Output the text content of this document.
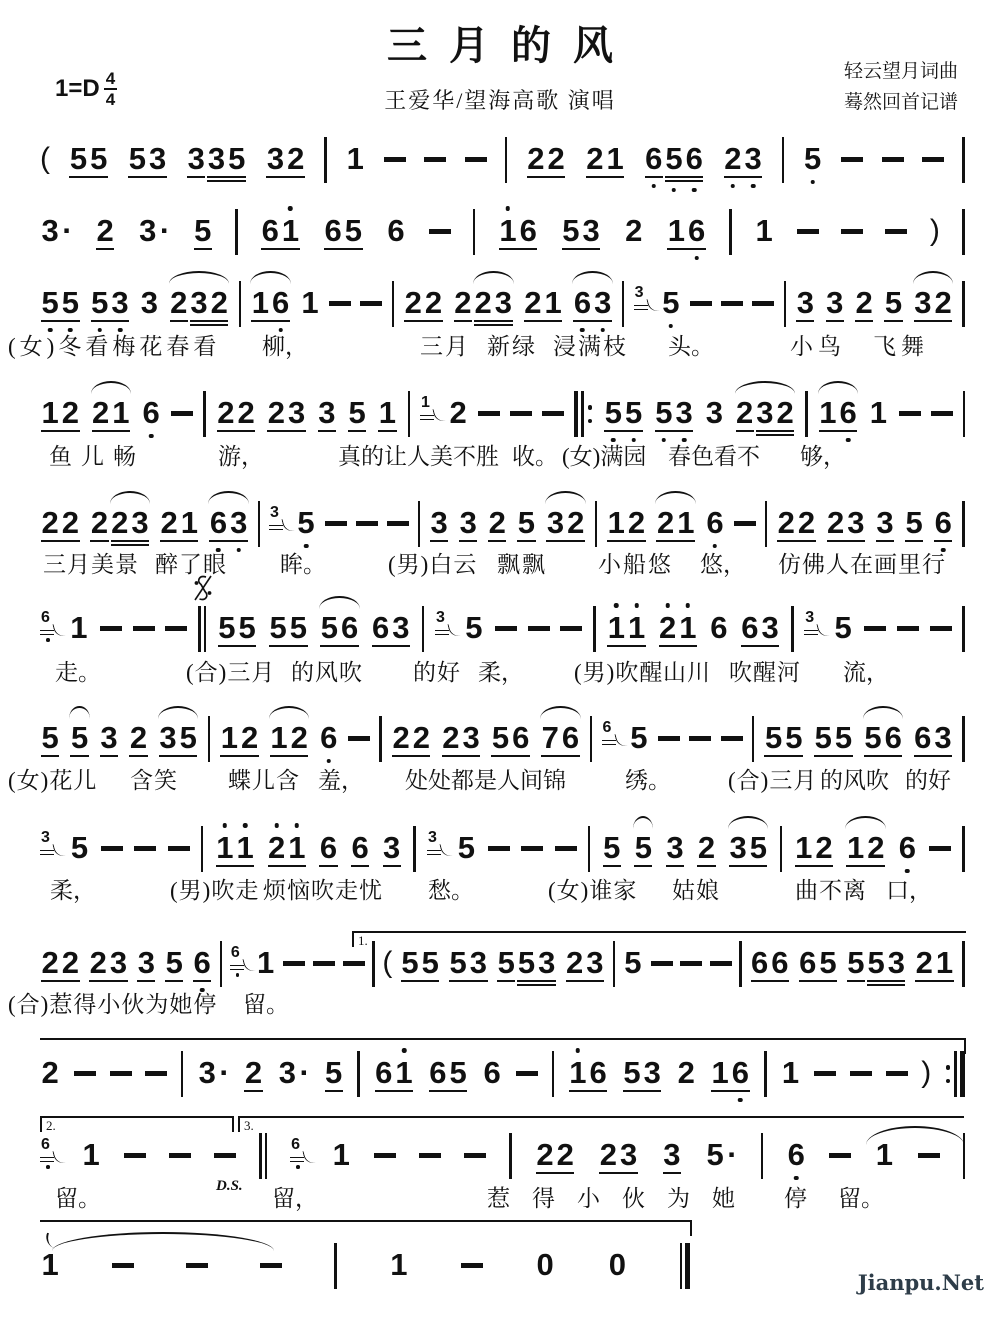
三月的风
$1=D \frac{4}{4}$	王爱华/望海高歌 演唱
轻云望月词曲
蓦然回首记谱
( 5 5 5 3 3 3 5 3 2 1	2 2 2 1 6 5 6 2 3 5
3 · 2 3 · 5 6 1 6 5 6	1 6 5 3 2 1 6 1	)
5 5 5 3 3 2 3 2 1 6 1	2 2 2 2 3 2 1 6 3 3 5	3 3 2 5 3 2
1 2 2 1 6 2 2 2 3 3 5 1 1 2	5 5 5 3 3 2 3 2 1 6 1
2 2 2 2 3 2 1 6 3 3 5	3 3 2 5 3 2 1 2 2 1 6 2 2 2 3 3 5 6
6 1	5 5 5 5 5 6 6 3 3 5	1 1 2 1 6 6 3 3 5
5 5 3 2 3 5 1 2 1 2 6 2 2 2 3 5 6 7 6 6 5	5 5 5 5 5 6 6 3
3 5	1 1 2 1 6 6 3 3 5	5 5 3 2 3 5 1 2 1 2 6
2 2 2 3 3 5 6 6 1	( 5 5 5 3 5 5 3 2 3 5	6 6 6 5 5 5 3 2 1
2	3 · 2 3 · 5 6 1 6 5 6 1 6 5 3 2 1 6 1	)
6 1	6 1	2 2 2 3 3 5 · 6 1
1	1	0 0
(女)冬看梅花春看 柳，	三月 新绿 浸满枝 头。	小鸟 飞舞
鱼儿畅	游，	真的让人美不胜 收。 (女)满园 春色看不 够，
三月美景 醉了眼 眸。	(男)白云 飘飘 小船悠 悠， 仿佛人在画里行
走。	(合)三月 的风吹 的好 柔， (男)吹醒 山川 吹醒河 流，
(女)花儿 含笑 蝶儿含 羞， 处处都是人间锦	绣。 (合)三月 的风吹 的好
柔，	(男)吹走 烦恼吹走忧 愁。	(女)谁家 姑娘	曲不离 口，
(合)惹得小伙为她停 留。
留。	留，	惹得小伙为她 停 留。
1.
2.	3.
D.S.
Jianpu.Net
